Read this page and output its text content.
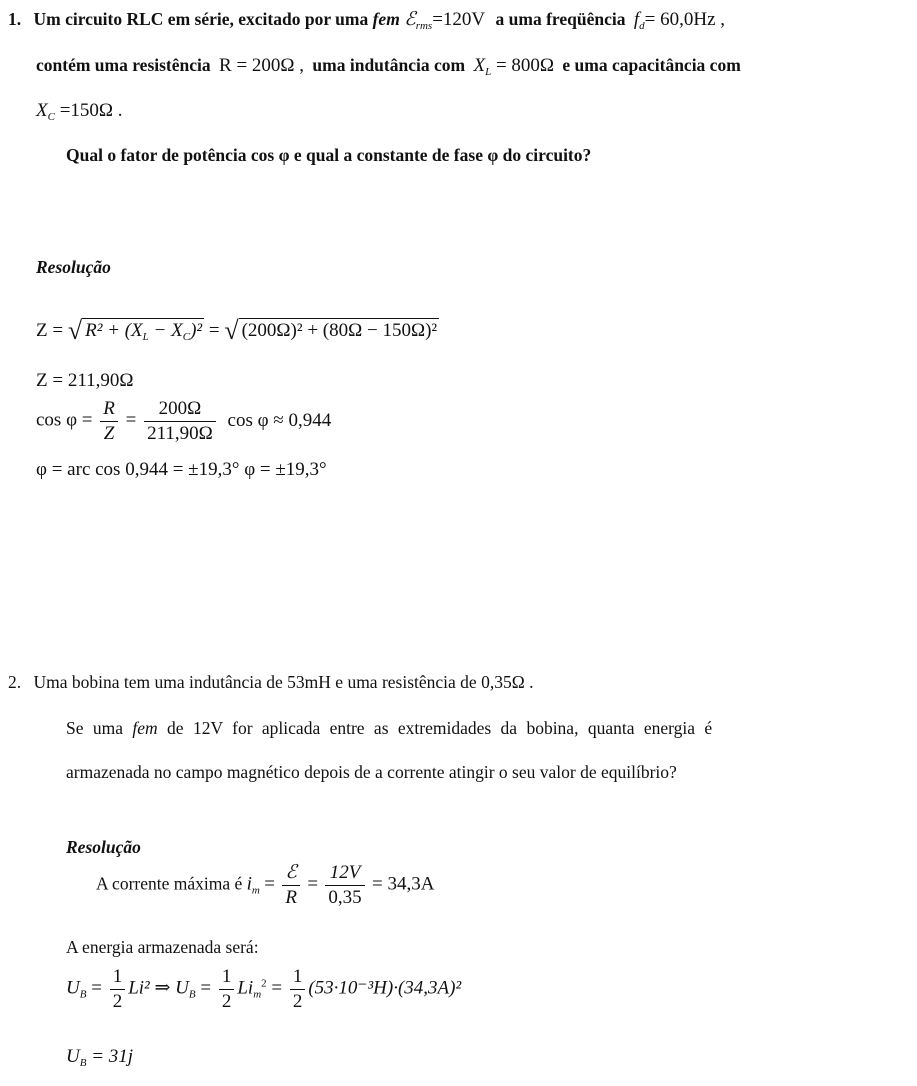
1. Um circuito RLC em série, excitado por uma fem ℰ$_{rms}$=120V a uma freqüência $f_d= 60,0Hz$ ,
contém uma resistência R = 200Ω , uma indutância com $X_L = 800\Omega$ e uma capacitância com
$X_C =150\Omega$ .
Qual o fator de potência cos φ e qual a constante de fase φ do circuito?
Resolução
Z = √ $R^2 + (X_L - X_C)^2$ = √ (200Ω)² + (80Ω − 150Ω)²
Z = 211,90Ω
$\cos \varphi = \frac{R}{Z} = \frac{200\Omega}{211,90\Omega}$ cos φ ≈ 0,944
φ = arc cos 0,944 = ±19,3° φ = ±19,3°
2. Uma bobina tem uma indutância de 53mH e uma resistência de 0,35Ω .
Se uma fem de 12V for aplicada entre as extremidades da bobina, quanta energia é
armazenada no campo magnético depois de a corrente atingir o seu valor de equilíbrio?
Resolução
A corrente máxima é $i_m = \frac{\text{ℰ}}{R} = \frac{12V}{0,35} = 34,3A$
A energia armazenada será:
$U_B = \frac{1}{2} Li^2$ ⇒ $U_B = \frac{1}{2} Li_m^2 = \frac{1}{2} (53\cdot 10^{-3}H)\cdot(34,3A)^2$
$U_B = 31j$
